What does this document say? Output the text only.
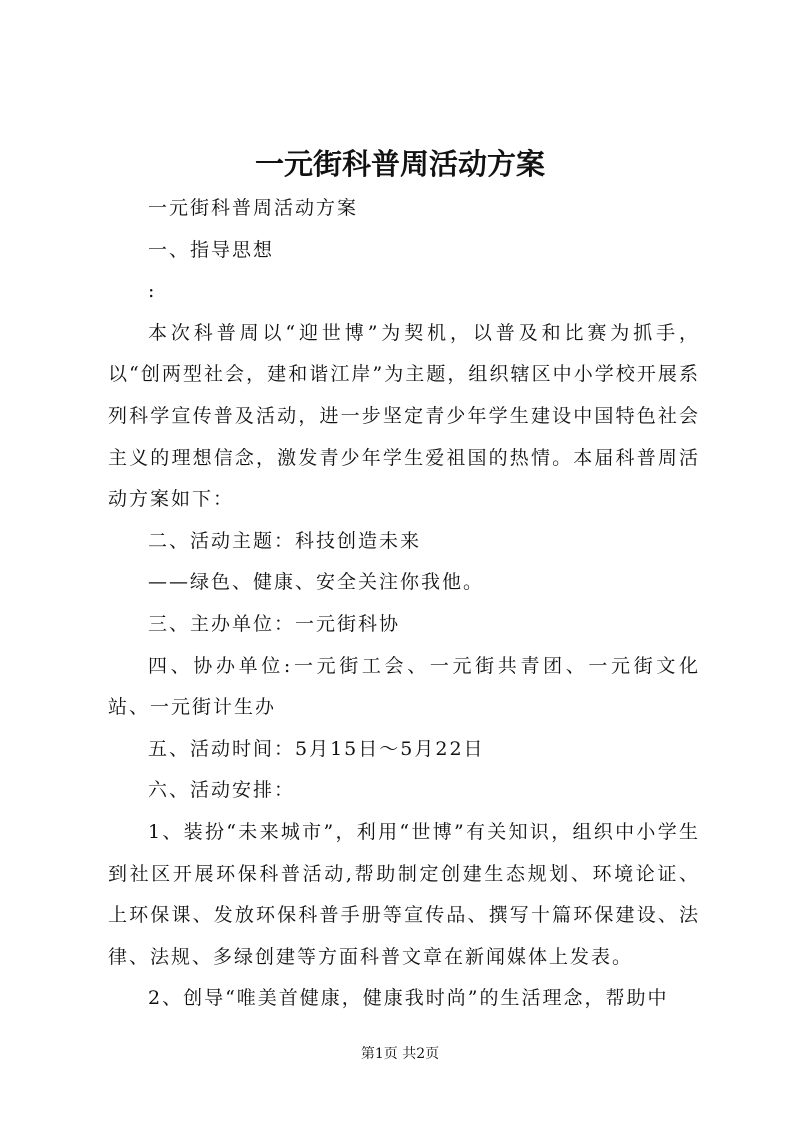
一元街科普周活动方案

一元街科普周活动方案

一、指导思想

:

本次科普周以“迎世博”为契机，以普及和比赛为抓手，以“创两型社会，建和谐江岸”为主题，组织辖区中小学校开展系列科学宣传普及活动，进一步坚定青少年学生建设中国特色社会主义的理想信念，激发青少年学生爱祖国的热情。本届科普周活动方案如下：

二、活动主题：科技创造未来

——绿色、健康、安全关注你我他。

三、主办单位：一元街科协

四、协办单位:一元街工会、一元街共青团、一元街文化站、一元街计生办

五、活动时间：5月15日～5月22日

六、活动安排：

1、装扮“未来城市”，利用“世博”有关知识，组织中小学生到社区开展环保科普活动,帮助制定创建生态规划、环境论证、上环保课、发放环保科普手册等宣传品、撰写十篇环保建设、法律、法规、多绿创建等方面科普文章在新闻媒体上发表。

2、创导“唯美首健康，健康我时尚”的生活理念，帮助中

第1页 共2页
